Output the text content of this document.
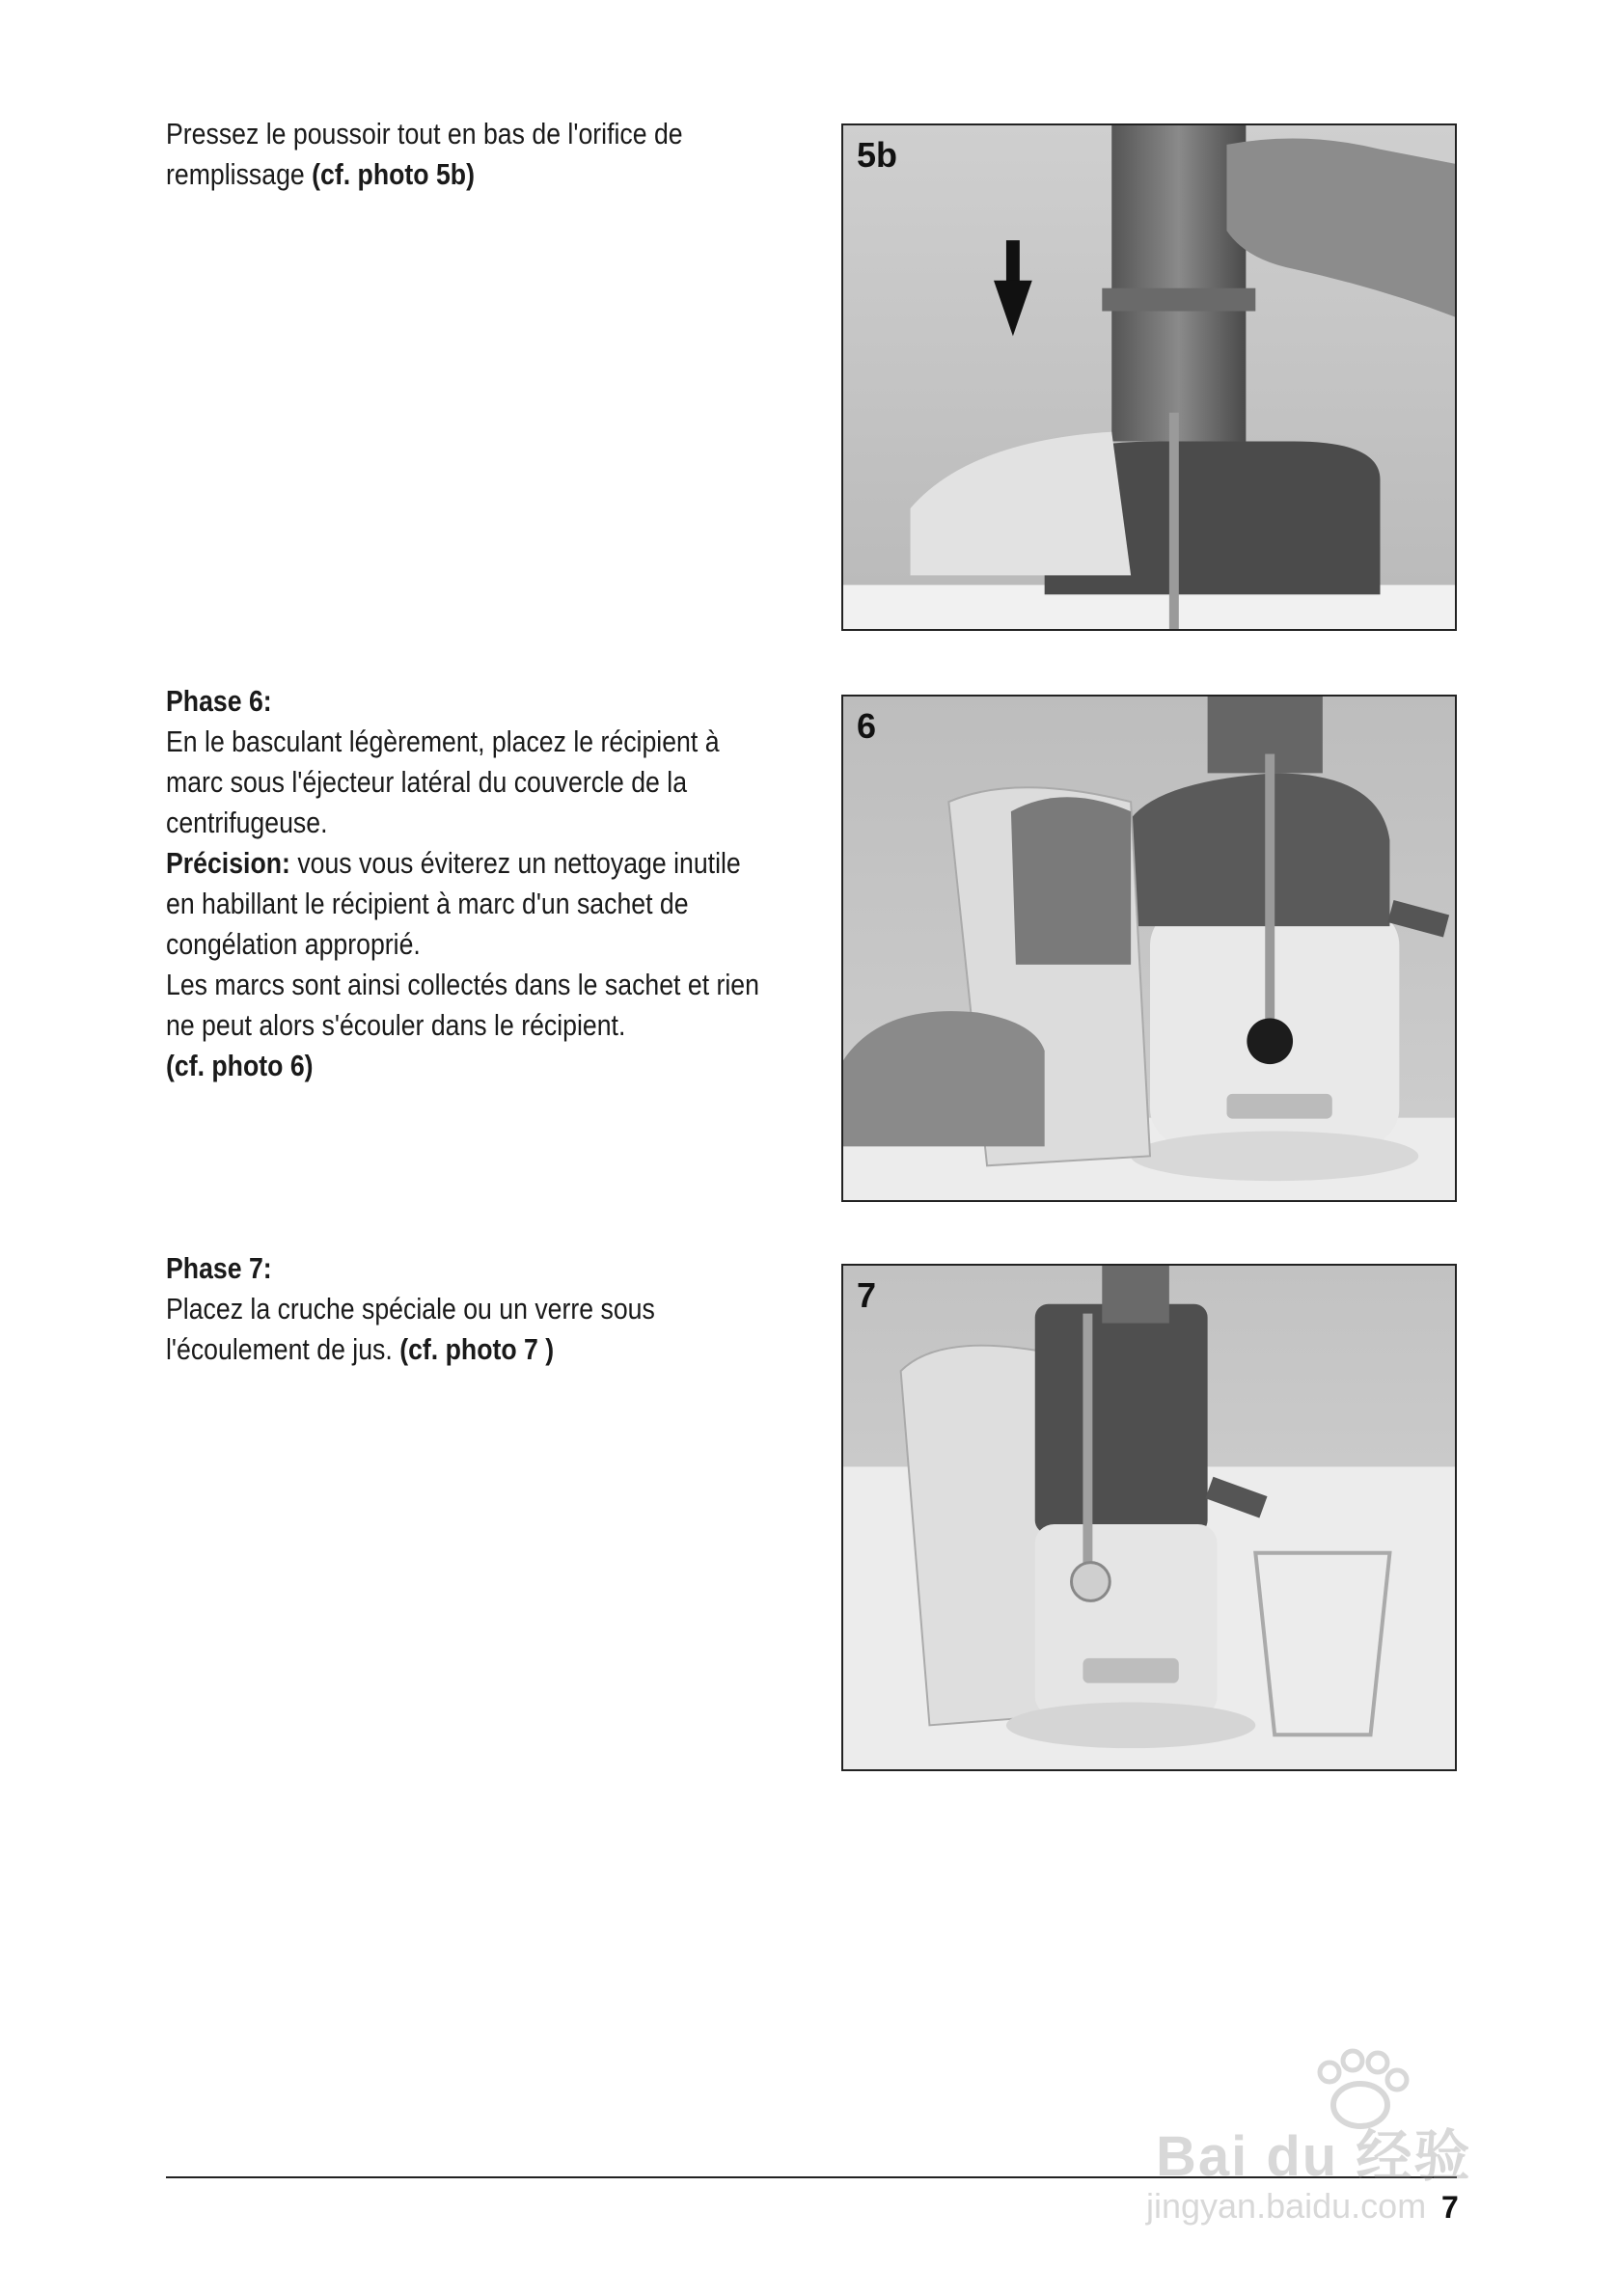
Pressez le poussoir tout en bas de l'orifice de

remplissage (cf. photo 5b)	5b

Phase 6:

En le basculant légèrement, placez le récipient à

marc sous l'éjecteur latéral du couvercle de la

centrifugeuse.

Précision: vous vous éviterez un nettoyage inutile

en habillant le récipient à marc d'un sachet de

congélation approprié.

Les marcs sont ainsi collectés dans le sachet et rien

ne peut alors s'écouler dans le récipient.

(cf. photo 6)

6

Phase 7:

Placez la cruche spéciale ou un verre sous

l'écoulement de jus. (cf. photo 7 )

7
7
Bai du 经验
jingyan.baidu.com
